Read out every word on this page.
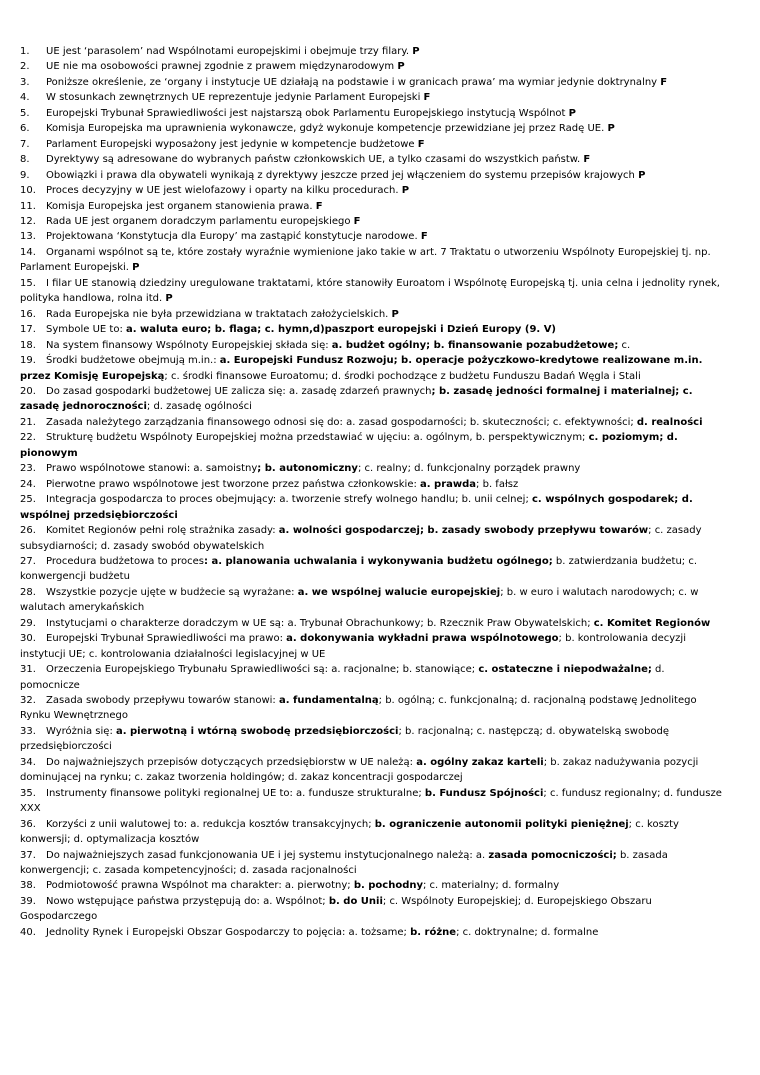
1. UE jest ‘parasolem’ nad Wspólnotami europejskimi i obejmuje trzy filary. P

2. UE nie ma osobowości prawnej zgodnie z prawem międzynarodowym P

3. Poniższe określenie, ze ‘organy i instytucje UE działają na podstawie i w granicach prawa’ ma wymiar jedynie doktrynalny F

4. W stosunkach zewnętrznych UE reprezentuje jedynie Parlament Europejski F

5. Europejski Trybunał Sprawiedliwości jest najstarszą obok Parlamentu Europejskiego instytucją Wspólnot P

6. Komisja Europejska ma uprawnienia wykonawcze, gdyż wykonuje kompetencje przewidziane jej przez Radę UE. P

7. Parlament Europejski wyposażony jest jedynie w kompetencje budżetowe F

8. Dyrektywy są adresowane do wybranych państw członkowskich UE, a tylko czasami do wszystkich państw. F

9. Obowiązki i prawa dla obywateli wynikają z dyrektywy jeszcze przed jej włączeniem do systemu przepisów krajowych P

10. Proces decyzyjny w UE jest wielofazowy i oparty na kilku procedurach. P

11. Komisja Europejska jest organem stanowienia prawa. F

12. Rada UE jest organem doradczym parlamentu europejskiego F

13. Projektowana ‘Konstytucja dla Europy’ ma zastąpić konstytucje narodowe. F

14. Organami wspólnot są te, które zostały wyraźnie wymienione jako takie w art. 7 Traktatu o utworzeniu Wspólnoty Europejskiej tj. np. Parlament Europejski. P

15. I filar UE stanowią dziedziny uregulowane traktatami, które stanowiły Euroatom i Wspólnotę Europejską tj. unia celna i jednolity rynek, polityka handlowa, rolna itd. P

16. Rada Europejska nie była przewidziana w traktatach założycielskich. P

17. Symbole UE to: a. waluta euro; b. flaga; c. hymn,d)paszport europejski i Dzień Europy (9. V)

18. Na system finansowy Wspólnoty Europejskiej składa się: a. budżet ogólny; b. finansowanie pozabudżetowe; c.

19. Środki budżetowe obejmują m.in.: a. Europejski Fundusz Rozwoju; b. operacje pożyczkowo-kredytowe realizowane m.in. przez Komisję Europejską; c. środki finansowe Euroatomu; d. środki pochodzące z budżetu Funduszu Badań Węgla i Stali

20. Do zasad gospodarki budżetowej UE zalicza się: a. zasadę zdarzeń prawnych; b. zasadę jedności formalnej i materialnej; c. zasadę jednoroczności; d. zasadę ogólności

21. Zasada należytego zarządzania finansowego odnosi się do: a. zasad gospodarności; b. skuteczności; c. efektywności; d. realności

22. Strukturę budżetu Wspólnoty Europejskiej można przedstawiać w ujęciu: a. ogólnym, b. perspektywicznym; c. poziomym; d. pionowym

23. Prawo wspólnotowe stanowi: a. samoistny; b. autonomiczny; c. realny; d. funkcjonalny porządek prawny

24. Pierwotne prawo wspólnotowe jest tworzone przez państwa członkowskie: a. prawda; b. fałsz

25. Integracja gospodarcza to proces obejmujący: a. tworzenie strefy wolnego handlu; b. unii celnej; c. wspólnych gospodarek; d. wspólnej przedsiębiorczości

26. Komitet Regionów pełni rolę strażnika zasady: a. wolności gospodarczej; b. zasady swobody przepływu towarów; c. zasady subsydiarności; d. zasady swobód obywatelskich

27. Procedura budżetowa to proces: a. planowania uchwalania i wykonywania budżetu ogólnego; b. zatwierdzania budżetu; c. konwergencji budżetu

28. Wszystkie pozycje ujęte w budżecie są wyrażane: a. we wspólnej walucie europejskiej; b. w euro i walutach narodowych; c. w walutach amerykańskich

29. Instytucjami o charakterze doradczym w UE są: a. Trybunał Obrachunkowy; b. Rzecznik Praw Obywatelskich; c. Komitet Regionów

30. Europejski Trybunał Sprawiedliwości ma prawo: a. dokonywania wykładni prawa wspólnotowego; b. kontrolowania decyzji instytucji UE; c. kontrolowania działalności legislacyjnej w UE

31. Orzeczenia Europejskiego Trybunału Sprawiedliwości są: a. racjonalne; b. stanowiące; c. ostateczne i niepodważalne; d. pomocnicze

32. Zasada swobody przepływu towarów stanowi: a. fundamentalną; b. ogólną; c. funkcjonalną; d. racjonalną podstawę Jednolitego Rynku Wewnętrznego

33. Wyróżnia się: a. pierwotną i wtórną swobodę przedsiębiorczości; b. racjonalną; c. następczą; d. obywatelską swobodę przedsiębiorczości

34. Do najważniejszych przepisów dotyczących przedsiębiorstw w UE należą: a. ogólny zakaz karteli; b. zakaz nadużywania pozycji dominującej na rynku; c. zakaz tworzenia holdingów; d. zakaz koncentracji gospodarczej

35. Instrumenty finansowe polityki regionalnej UE to: a. fundusze strukturalne; b. Fundusz Spójności; c. fundusz regionalny; d. fundusze XXX

36. Korzyści z unii walutowej to: a. redukcja kosztów transakcyjnych; b. ograniczenie autonomii polityki pieniężnej; c. koszty konwersji; d. optymalizacja kosztów

37. Do najważniejszych zasad funkcjonowania UE i jej systemu instytucjonalnego należą: a. zasada pomocniczości; b. zasada konwergencji; c. zasada kompetencyjności; d. zasada racjonalności

38. Podmiotowość prawna Wspólnot ma charakter: a. pierwotny; b. pochodny; c. materialny; d. formalny

39. Nowo wstępujące państwa przystępują do: a. Wspólnot; b. do Unii; c. Wspólnoty Europejskiej; d. Europejskiego Obszaru Gospodarczego

40. Jednolity Rynek i Europejski Obszar Gospodarczy to pojęcia: a. tożsame; b. różne; c. doktrynalne; d. formalne
